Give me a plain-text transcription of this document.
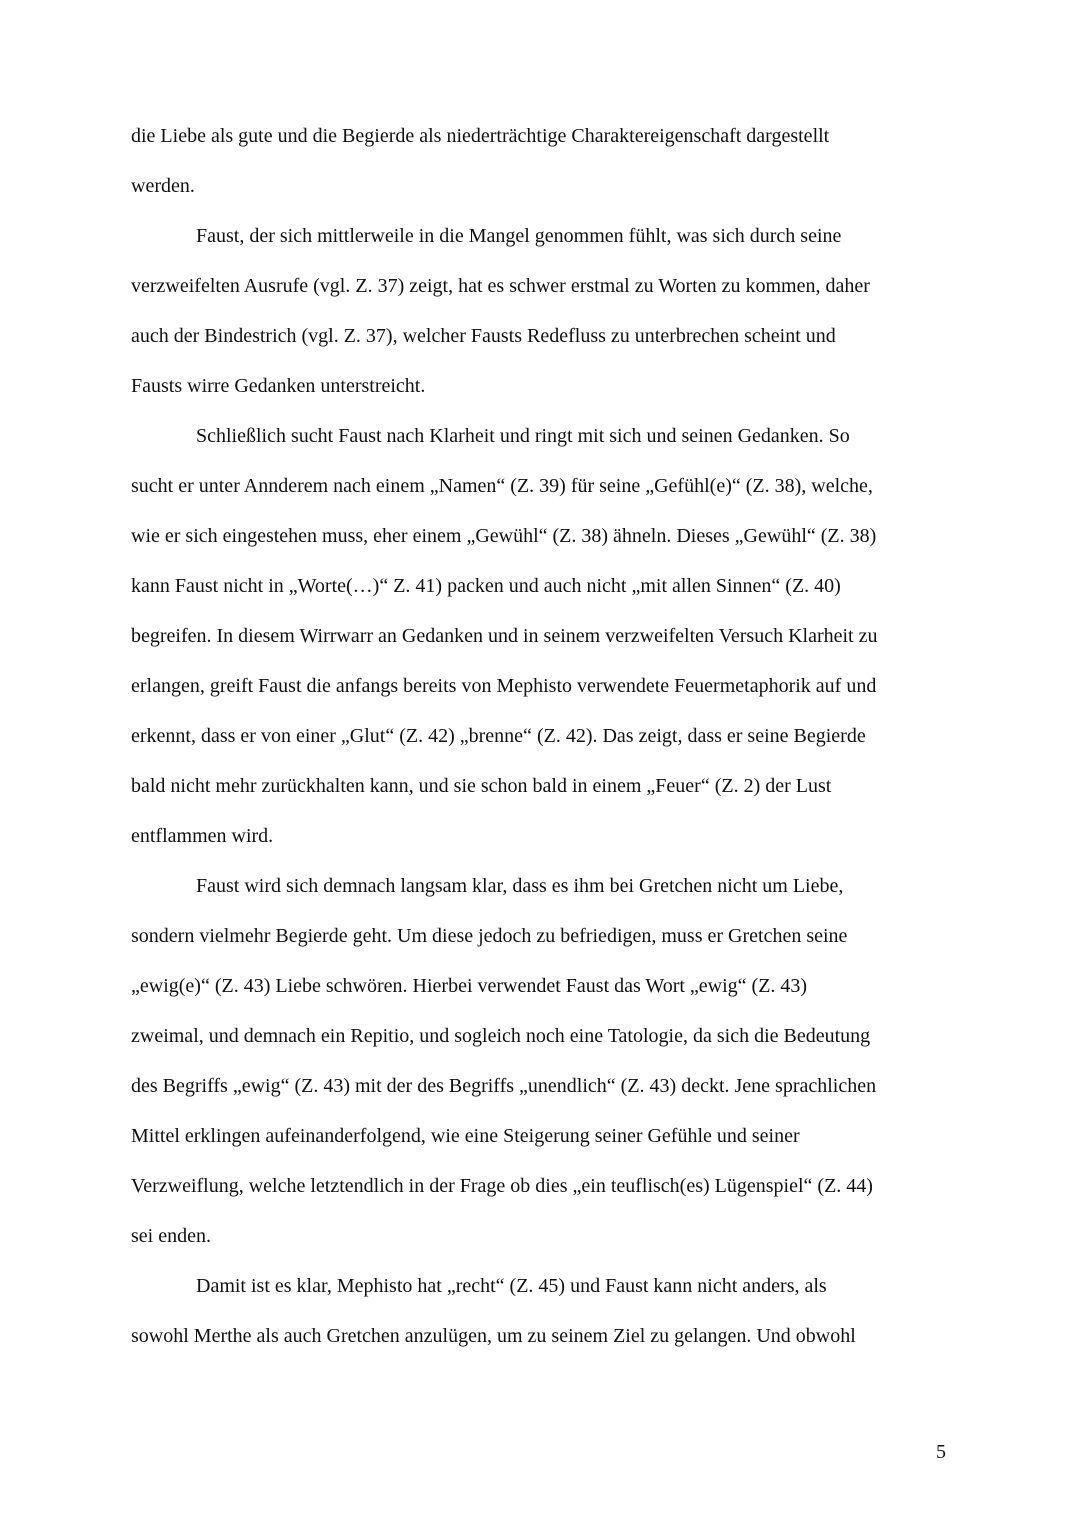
die Liebe als gute und die Begierde als niederträchtige Charaktereigenschaft dargestellt
werden.
Faust, der sich mittlerweile in die Mangel genommen fühlt, was sich durch seine
verzweifelten Ausrufe (vgl. Z. 37) zeigt, hat es schwer erstmal zu Worten zu kommen, daher
auch der Bindestrich (vgl. Z. 37), welcher Fausts Redefluss zu unterbrechen scheint und
Fausts wirre Gedanken unterstreicht.
Schließlich sucht Faust nach Klarheit und ringt mit sich und seinen Gedanken. So
sucht er unter Annderem nach einem „Namen“ (Z. 39) für seine „Gefühl(e)“ (Z. 38), welche,
wie er sich eingestehen muss, eher einem „Gewühl“ (Z. 38) ähneln. Dieses „Gewühl“ (Z. 38)
kann Faust nicht in „Worte(…)“ Z. 41) packen und auch nicht „mit allen Sinnen“ (Z. 40)
begreifen. In diesem Wirrwarr an Gedanken und in seinem verzweifelten Versuch Klarheit zu
erlangen, greift Faust die anfangs bereits von Mephisto verwendete Feuermetaphorik auf und
erkennt, dass er von einer „Glut“ (Z. 42) „brenne“ (Z. 42). Das zeigt, dass er seine Begierde
bald nicht mehr zurückhalten kann, und sie schon bald in einem „Feuer“ (Z. 2) der Lust
entflammen wird.
Faust wird sich demnach langsam klar, dass es ihm bei Gretchen nicht um Liebe,
sondern vielmehr Begierde geht. Um diese jedoch zu befriedigen, muss er Gretchen seine
„ewig(e)“ (Z. 43) Liebe schwören. Hierbei verwendet Faust das Wort „ewig“ (Z. 43)
zweimal, und demnach ein Repitio, und sogleich noch eine Tatologie, da sich die Bedeutung
des Begriffs „ewig“ (Z. 43) mit der des Begriffs „unendlich“ (Z. 43) deckt. Jene sprachlichen
Mittel erklingen aufeinanderfolgend, wie eine Steigerung seiner Gefühle und seiner
Verzweiflung, welche letztendlich in der Frage ob dies „ein teuflisch(es) Lügenspiel“ (Z. 44)
sei enden.
Damit ist es klar, Mephisto hat „recht“ (Z. 45) und Faust kann nicht anders, als
sowohl Merthe als auch Gretchen anzulügen, um zu seinem Ziel zu gelangen. Und obwohl
5
